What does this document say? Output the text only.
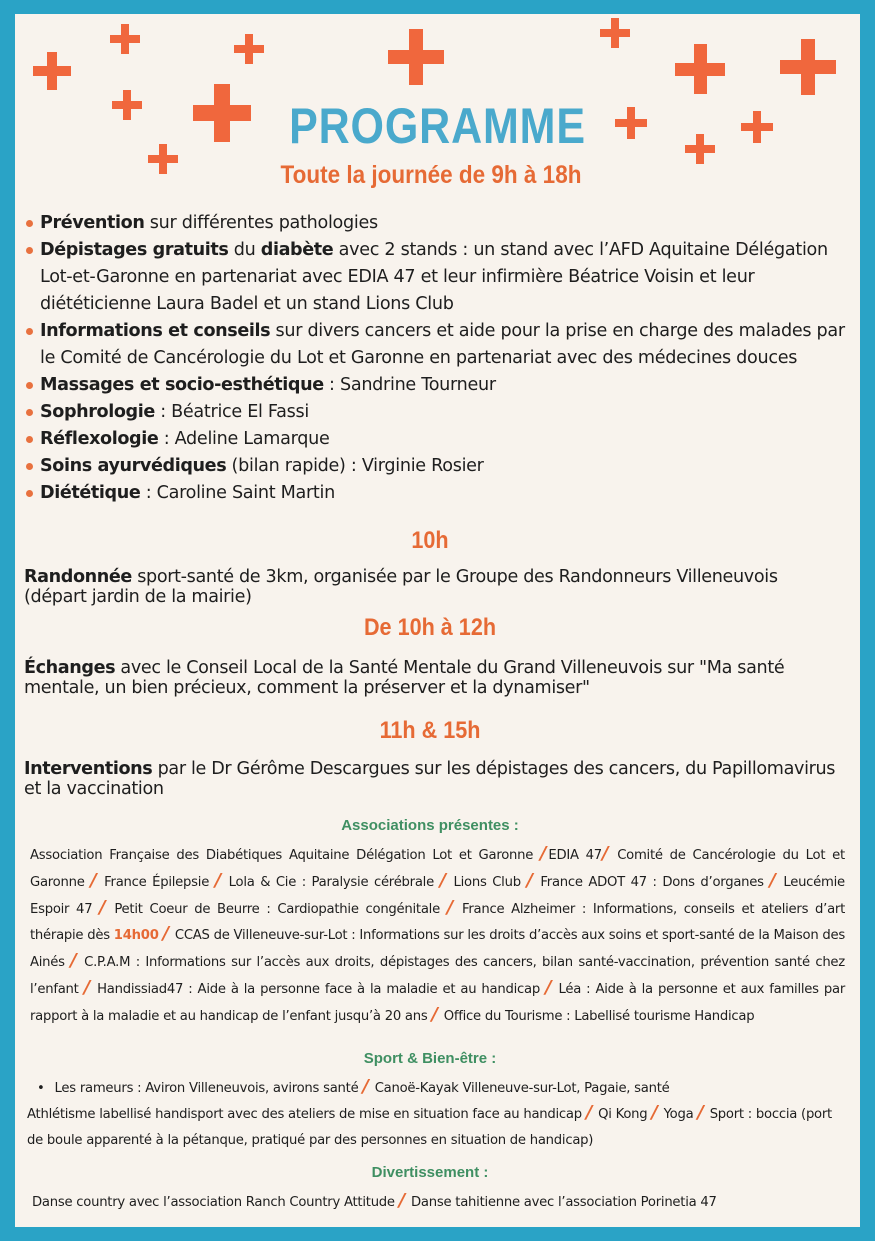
PROGRAMME
Toute la journée de 9h à 18h
Prévention sur différentes pathologies
Dépistages gratuits du diabète avec 2 stands : un stand avec l’AFD Aquitaine Délégation Lot-et-Garonne en partenariat avec EDIA 47 et leur infirmière Béatrice Voisin et leur diététicienne Laura Badel et un stand Lions Club
Informations et conseils sur divers cancers et aide pour la prise en charge des malades par le Comité de Cancérologie du Lot et Garonne en partenariat avec des médecines douces
Massages et socio-esthétique : Sandrine Tourneur
Sophrologie : Béatrice El Fassi
Réflexologie : Adeline Lamarque
Soins ayurvédiques (bilan rapide) : Virginie Rosier
Diététique : Caroline Saint Martin
10h
Randonnée sport-santé de 3km, organisée par le Groupe des Randonneurs Villeneuvois (départ jardin de la mairie)
De 10h à 12h
Échanges avec le Conseil Local de la Santé Mentale du Grand Villeneuvois sur "Ma santé mentale, un bien précieux, comment la préserver et la dynamiser"
11h & 15h
Interventions par le Dr Gérôme Descargues sur les dépistages des cancers, du Papillomavirus et la vaccination
Associations présentes :
Association Française des Diabétiques Aquitaine Délégation Lot et Garonne / EDIA 47/ Comité de Cancérologie du Lot et Garonne / France Épilepsie / Lola & Cie : Paralysie cérébrale / Lions Club / France ADOT 47 : Dons d’organes / Leucémie Espoir 47 / Petit Coeur de Beurre : Cardiopathie congénitale / France Alzheimer : Informations, conseils et ateliers d’art thérapie dès 14h00 / CCAS de Villeneuve-sur-Lot : Informations sur les droits d’accès aux soins et sport-santé de la Maison des Ainés / C.P.A.M : Informations sur l’accès aux droits, dépistages des cancers, bilan santé-vaccination, prévention santé chez l’enfant / Handissiad47 : Aide à la personne face à la maladie et au handicap / Léa : Aide à la personne et aux familles par rapport à la maladie et au handicap de l’enfant jusqu’à 20 ans / Office du Tourisme : Labellisé tourisme Handicap
Sport & Bien-être :
• Les rameurs : Aviron Villeneuvois, avirons santé / Canoë-Kayak Villeneuve-sur-Lot, Pagaie, santé
Athlétisme labellisé handisport avec des ateliers de mise en situation face au handicap / Qi Kong / Yoga / Sport : boccia (port de boule apparenté à la pétanque, pratiqué par des personnes en situation de handicap)
Divertissement :
Danse country avec l’association Ranch Country Attitude / Danse tahitienne avec l’association Porinetia 47
